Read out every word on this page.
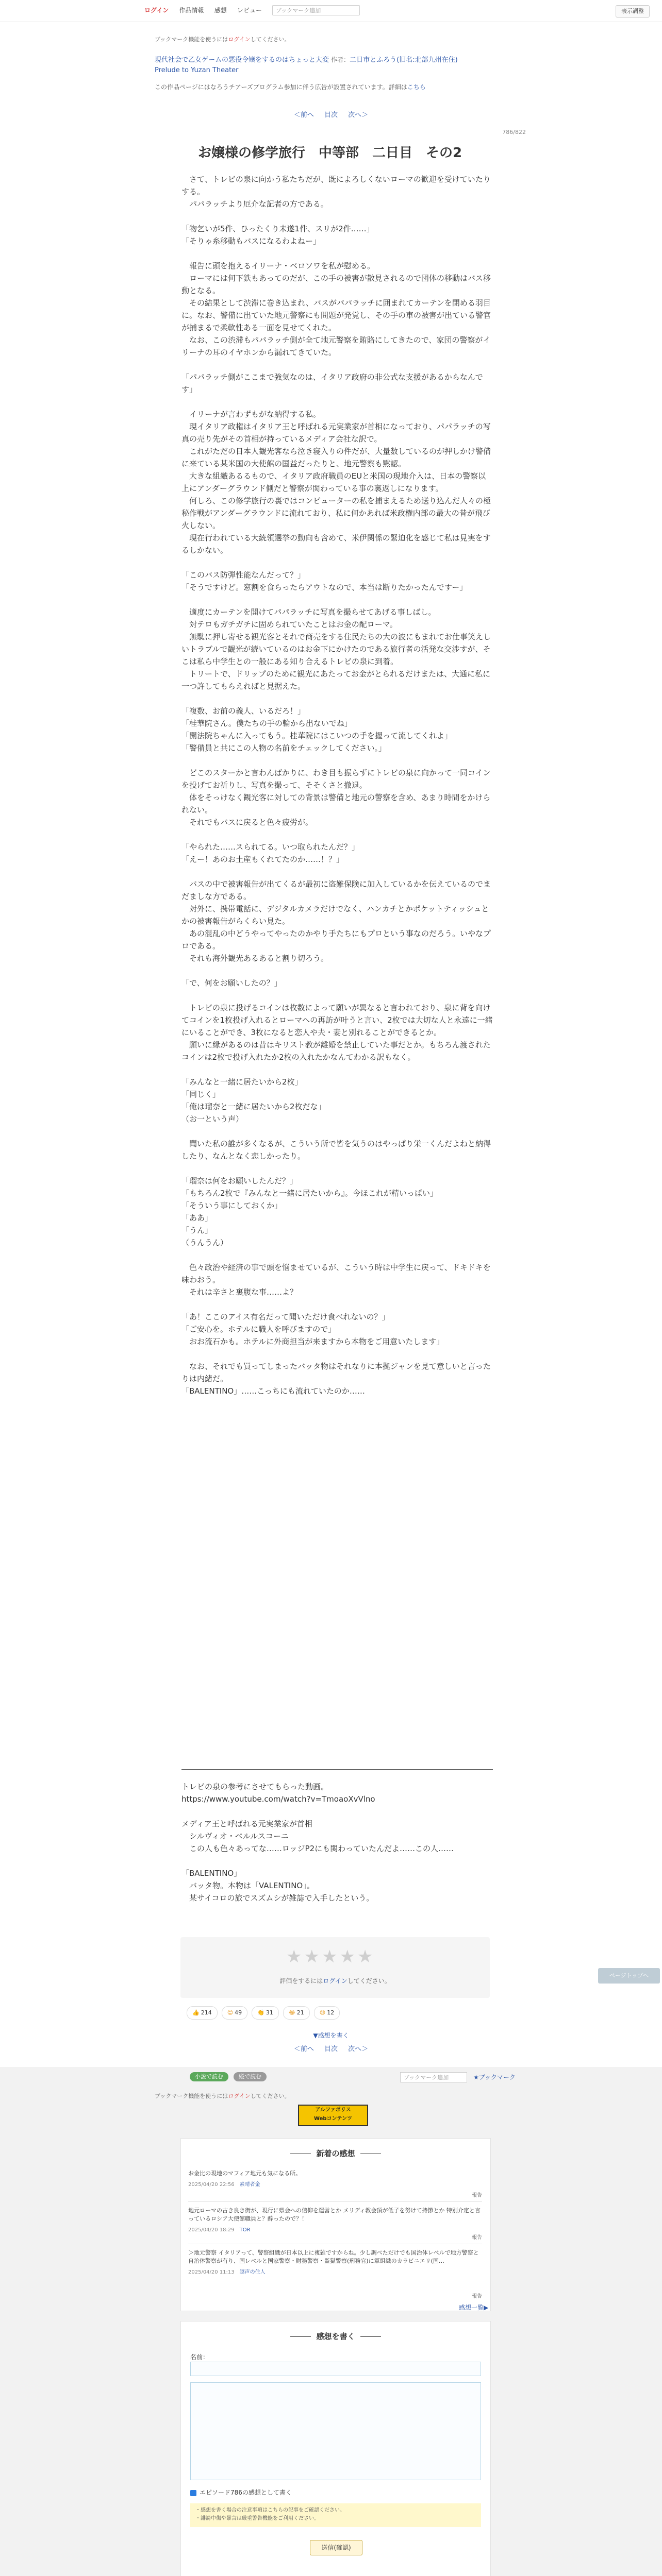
ログイン 作品情報 感想 レビュー ブックマーク追加	表示調整
ブックマーク機能を使うにはログインしてください。
現代社会で乙女ゲームの悪役令嬢をするのはちょっと大変 作者：二日市とふろう(旧名:北部九州在住)
Prelude to Yuzan Theater
この作品ページにはなろうチアーズプログラム参加に伴う広告が設置されています。詳細はこちら
＜前へ 目次 次へ＞
786/822
お嬢様の修学旅行　中等部　二日目　その2

　さて、トレビの泉に向かう私たちだが、既によろしくないローマの歓迎を受けていたりする。

　パパラッチより厄介な記者の方である。

「物乞いが5件、ひったくり未遂1件、スリが2件……」

「そりゃ糸移動もバスになるわよねー」

　報告に頭を抱えるイリーナ・ベロソワを私が慰める。

　ローマには何下鉄もあってのだが、この手の被害が散見されるので団体の移動はバス移動となる。

　その結果として渋滞に巻き込まれ、バスがパパラッチに囲まれてカーテンを閉める羽目に。なお、警備に出ていた地元警察にも問題が発覚し、その手の車の被害が出ている警官が捕まるで柔軟性ある一面を見せてくれた。

　なお、この渋滞もパパラッチ側が全て地元警察を賄賂にしてきたので、家団の警察がイリーナの耳のイヤホンから漏れてきていた。

「パパラッチ側がここまで強気なのは、イタリア政府の非公式な支援があるからなんです」

　イリーナが言わずもがな納得する私。

　現イタリア政権はイタリア王と呼ばれる元実業家が首相になっており、パパラッチの写真の売り先がその首相が持っているメディア会社な訳で。

　これがただの日本人観光客なら泣き寝入りの件だが、大量数しているのが押しかけ警備に来ている某米国の大使館の国益だったりと、地元警察も黙認。

　大きな組織あるるもので、イタリア政府職員のEUと米国の現地介入は、日本の警察以上にアンダーグラウンド側だと警察が関わっている事の裏返しになります。

　何しろ、この修学旅行の裏ではコンピューターの私を捕まえるため送り込んだ人々の極秘作戦がアンダーグラウンドに流れており、私に何かあれば米政権内部の最大の昔が飛び火しない。

　現在行われている大統領選挙の動向も含めて、米伊関係の緊迫化を感じて私は見実をするしかない。

「このバス防弾性能なんだって？」

「そうですけど。窓割を食らったらアウトなので、本当は断りたかったんですー」

　適度にカーテンを開けてパパラッチに写真を撮らせてあげる事しばし。

　対テロもガチガチに固められていたことはお金の配ローマ。

　無駄に押し寄せる観光客とそれで商売をする住民たちの大の波にもまれてお仕事笑えしいトラブルで観光が続いているのはお金下にかけたのである旅行者の活発な交渉すが、そこは私ら中学生との一般にある知り合えるトレビの泉に到着。

　トリートで、ドリップのために観光にあたってお金がとられるだけまたは、大通に私に一つ許してもらえればと見据えた。

「複数、お前の義人、いるだろ！」

「桂華院さん。僕たちの手の輪から出ないでね」

「開法院ちゃんに入ってもう。桂華院にはこいつの手を握って流してくれよ」

「警備員と共にこの人物の名前をチェックしてください。」

　どこのスターかと言わんばかりに、わき目も振らずにトレビの泉に向かって一同コインを投げてお祈りし、写真を撮って、そそくさと撤退。

　体をそっけなく観光客に対しての背景は警備と地元の警察を含め、あまり時間をかけられない。

　それでもバスに戻ると色々疲労が。

「やられた……スられてる。いつ取られたんだ？」

「えー！あのお土産もくれてたのか……！？」

　バスの中で被害報告が出てくるが最初に盗難保険に加入しているかを伝えているのでまだましな方である。

　対外に、携帯電話に、デジタルカメラだけでなく、ハンカチとかポケットティッシュとかの被害報告がらくらい見た。

　あの混乱の中どうやってやったのかやり手たちにもプロという事なのだろう。いやなプロである。

　それも海外観光あるあると割り切ろう。

「で、何をお願いしたの？」

　トレビの泉に投げるコインは枚数によって願いが異なると言われており、泉に背を向けてコインを1枚投げ入れるとローマへの再訪が叶うと言い、2枚では大切な人と永遠に一緒にいることができ、3枚になると恋人や夫・妻と別れることができるとか。

　願いに縁があるのは昔はキリスト教が離婚を禁止していた事だとか。もちろん渡されたコインは2枚で投げ入れたか2枚の入れたかなんてわかる訳もなく。

「みんなと一緒に居たいから2枚」

「同じく」

「俺は瑠奈と一緒に居たいから2枚だな」

（お一という声）

　聞いた私の誰が多くなるが、こういう所で皆を気うのはやっぱり栄一くんだよねと納得したり、なんとなく恋しかったり。

「瑠奈は何をお願いしたんだ？」

「もちろん2枚で『みんなと一緒に居たいから』。今ほこれが精いっぱい」

「そういう事にしておくか」

「ああ」

「うん」

（うんうん）

　色々政治や経済の事で頭を悩ませているが、こういう時は中学生に戻って、ドキドキを味わおう。

　それは辛さと裏腹な事……よ？

「あ！ここのアイス有名だって聞いただけ食べれないの？」

「ご安心を。ホテルに職人を呼びますので」

　おお流石かも。ホテルに外商担当が来ますから本物をご用意いたします」

　なお、それでも買ってしまったバッタ物はそれなりに本拠ジャンを見て意しいと言ったりは内緒だ。

「BALENTINO」……こっちにも流れていたのか……

トレビの泉の参考にさせてもらった動画。

https://www.youtube.com/watch?v=TmoaoXvVlno

メディア王と呼ばれる元実業家が首相

　シルヴィオ・ベルルスコーニ

　この人も色々あってな……ロッジP2にも関わっていたんだよ……この人……

「BALENTINO」

　バッタ物。本物は「VALENTINO」。

　某サイコロの旅でスズムシが雑誌で入手したという。

★★★★★
評価をするにはログインしてください。
👍 214	😊 49	👏 31	😂 21	😢 12
▼感想を書く
＜前へ 目次 次へ＞
ページトップへ
小説で読む	縦で読む	ブックマーク追加	★ブックマーク
ブックマーク機能を使うにはログインしてください。
アルファポリス
Webコンテンツ
新着の感想
お金比の現地のマフィア地元も気になる所。
2025/04/20 22:56　 素晴者金
報告
地元ローマの古き良き街が、現行に県会への信仰を運営とか メリディ教会頂が低子を努けて持節とか 特別介定と言っているロシア大使館職員と？酔ったので？！
2025/04/20 18:29　 TOR
報告
＞地元警察 イタリアって、警察組織が日本以上に複雑ですからね。少し調べただけでも国治体レベルで地方警察と自治体警察が有り、国レベルと国家警察・財務警察・監獄警察(刑務官)に軍組織のカラビニエリ(国…
2025/04/20 11:13　 謎声の住人
報告
感想一覧▶
感想を書く
名前：
エピソード786の感想として書く
・感想を書く場合の注意事項はこちらの記事をご確認ください。
・誹謗中傷や暴言は厳重警告機能をご利用ください。
送信(確認)
